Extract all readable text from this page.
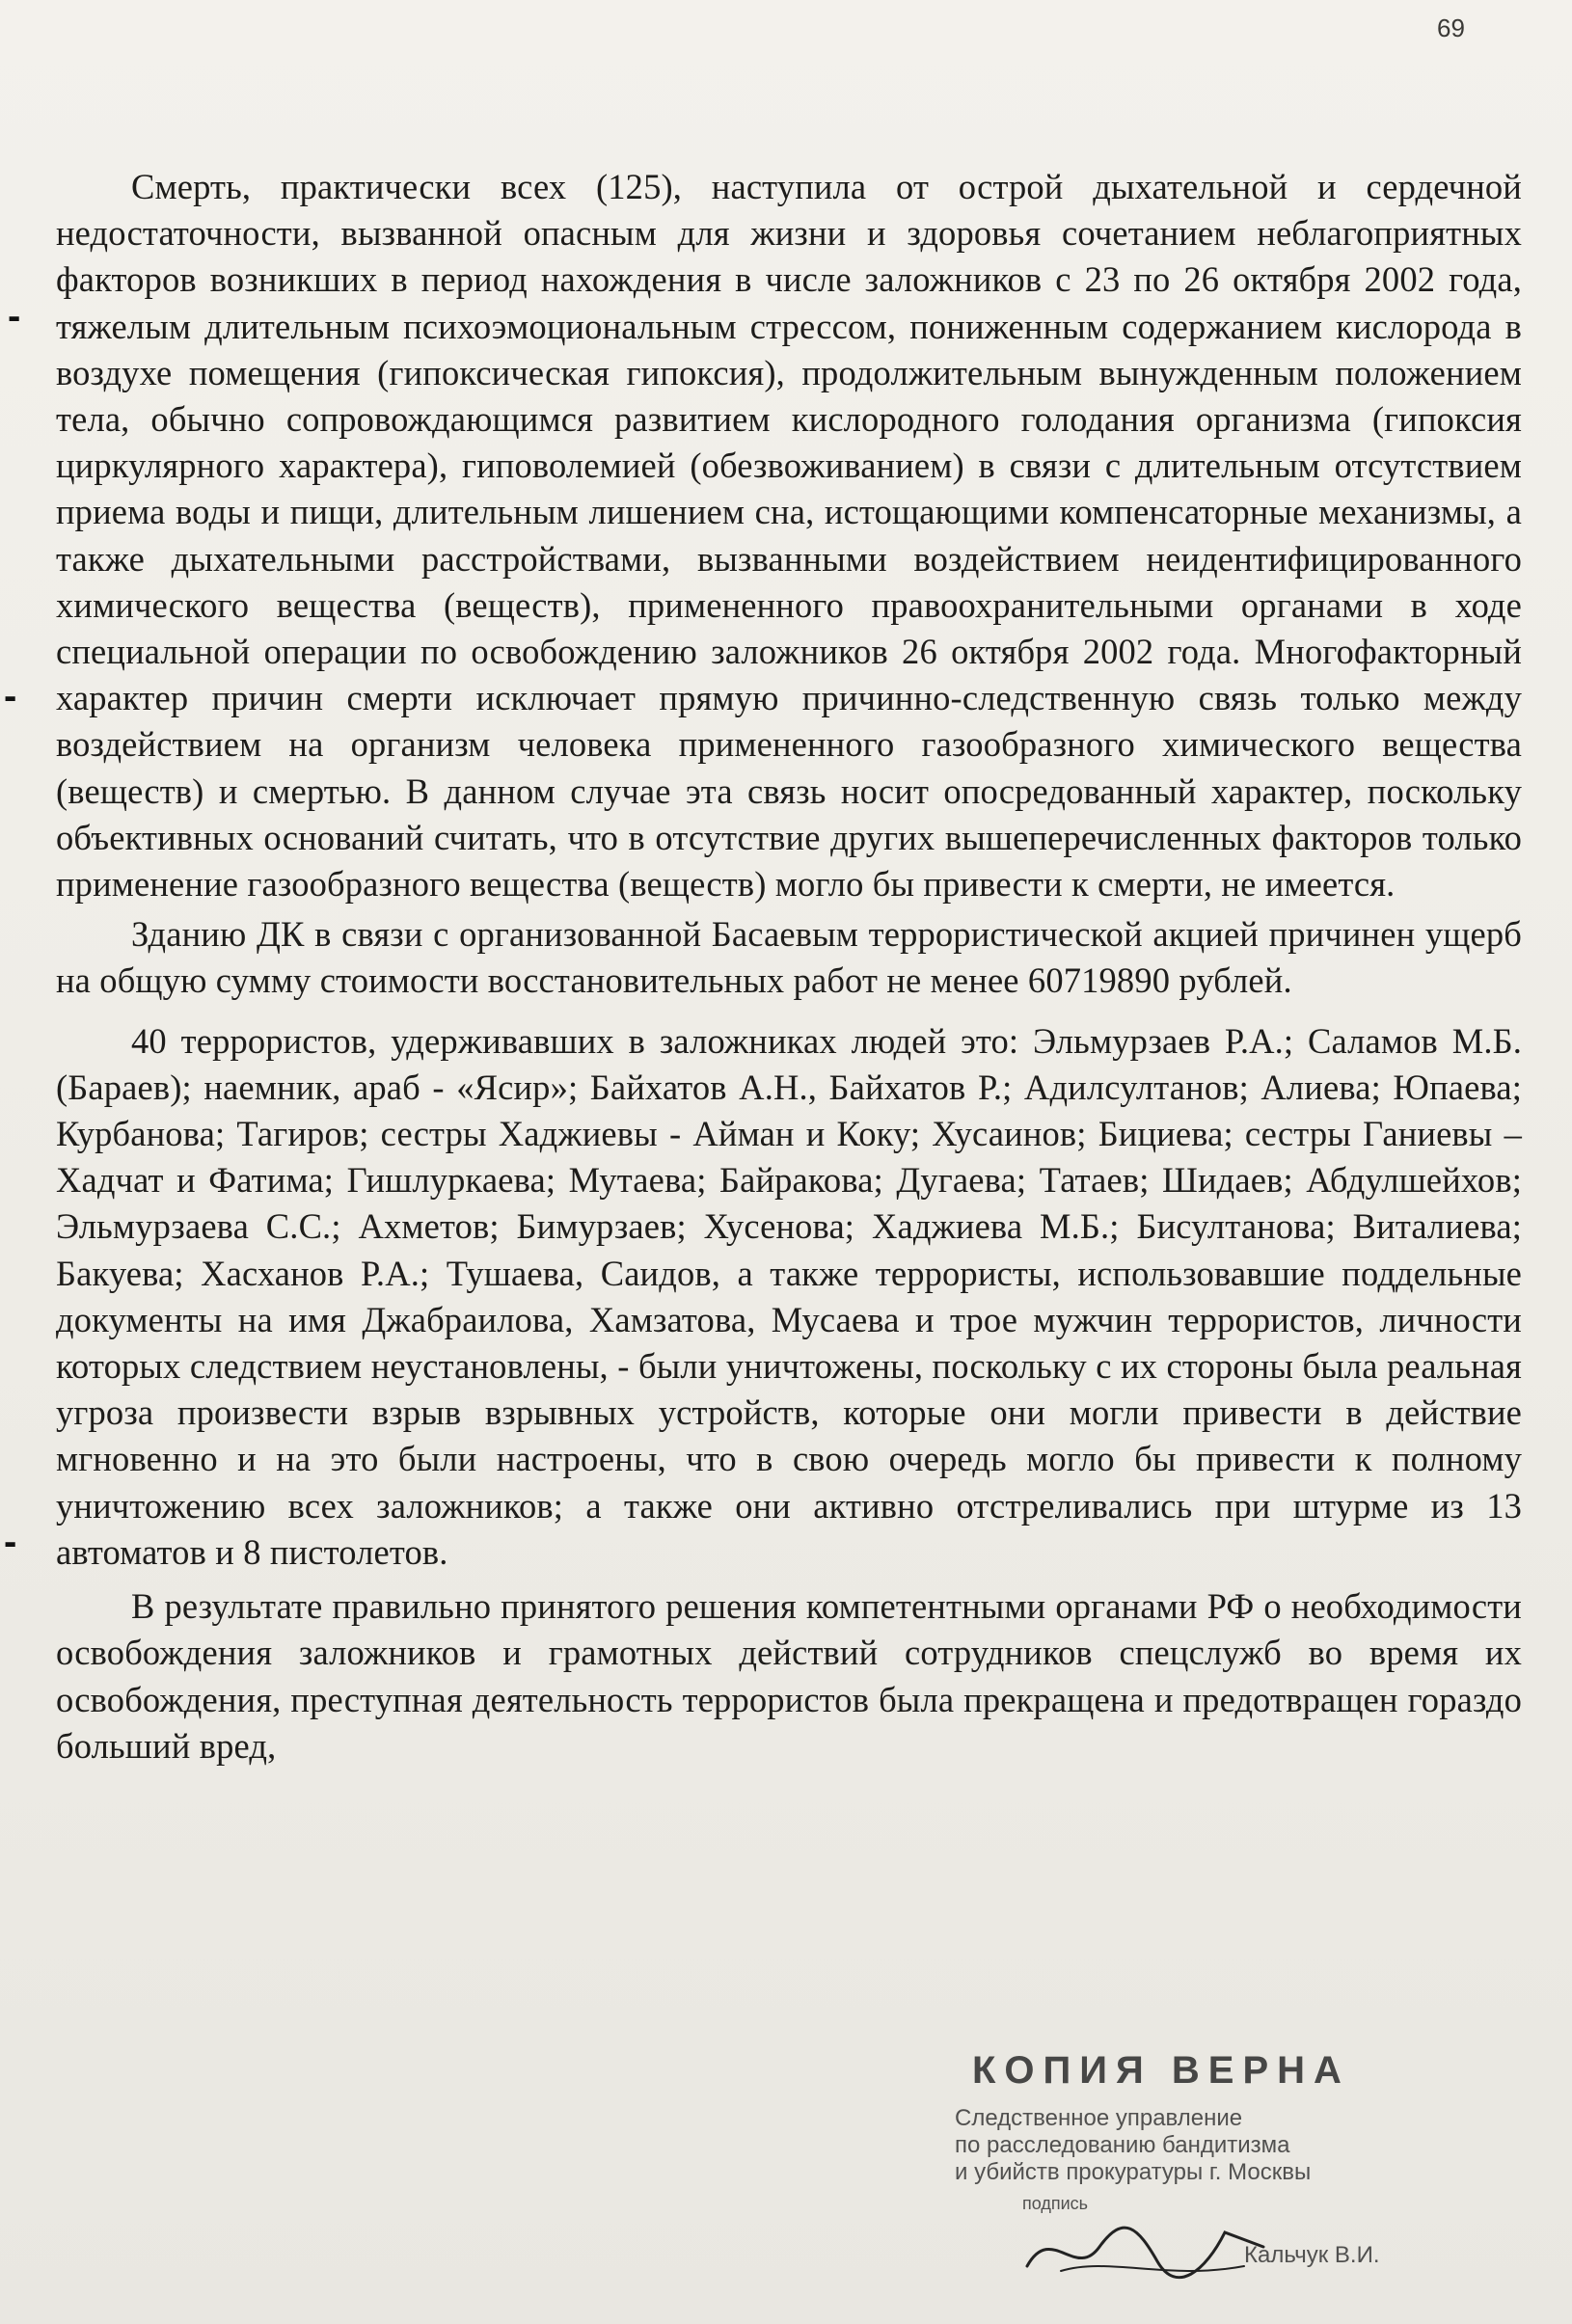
69
-
-
-

Смерть, практически всех (125), наступила от острой дыхательной и сердечной недостаточности, вызванной опасным для жизни и здоровья сочетанием неблагоприятных факторов возникших в период нахождения в числе заложников с 23 по 26 октября 2002 года, тяжелым длительным психоэмоциональным стрессом, пониженным содержанием кислорода в воздухе помещения (гипоксическая гипоксия), продолжительным вынужденным положением тела, обычно сопровождающимся развитием кислородного голодания организма (гипоксия циркулярного характера), гиповолемией (обезвоживанием) в связи с длительным отсутствием приема воды и пищи, длительным лишением сна, истощающими компенсаторные механизмы, а также дыхательными расстройствами, вызванными воздействием неидентифицированного химического вещества (веществ), примененного правоохранительными органами в ходе специальной операции по освобождению заложников 26 октября 2002 года. Многофакторный характер причин смерти исключает прямую причинно-следственную связь только между воздействием на организм человека примененного газообразного химического вещества (веществ) и смертью. В данном случае эта связь носит опосредованный характер, поскольку объективных оснований считать, что в отсутствие других вышеперечисленных факторов только применение газообразного вещества (веществ) могло бы привести к смерти, не имеется.

Зданию ДК в связи с организованной Басаевым террористической акцией причинен ущерб на общую сумму стоимости восстановительных работ не менее 60719890 рублей.

40 террористов, удерживавших в заложниках людей это: Эльмурзаев Р.А.; Саламов М.Б. (Бараев); наемник, араб - «Ясир»; Байхатов А.Н., Байхатов Р.; Адилсултанов; Алиева; Юпаева; Курбанова; Тагиров; сестры Хаджиевы - Айман и Коку; Хусаинов; Бициева; сестры Ганиевы – Хадчат и Фатима; Гишлуркаева; Мутаева; Байракова; Дугаева; Татаев; Шидаев; Абдулшейхов; Эльмурзаева С.С.; Ахметов; Бимурзаев; Хусенова; Хаджиева М.Б.; Бисултанова; Виталиева; Бакуева; Хасханов Р.А.; Тушаева, Саидов, а также террористы, использовавшие поддельные документы на имя Джабраилова, Хамзатова, Мусаева и трое мужчин террористов, личности которых следствием неустановлены, - были уничтожены, поскольку с их стороны была реальная угроза произвести взрыв взрывных устройств, которые они могли привести в действие мгновенно и на это были настроены, что в свою очередь могло бы привести к полному уничтожению всех заложников; а также они активно отстреливались при штурме из 13 автоматов и 8 пистолетов.

В результате правильно принятого решения компетентными органами РФ о необходимости освобождения заложников и грамотных действий сотрудников спецслужб во время их освобождения, преступная деятельность террористов была прекращена и предотвращен гораздо больший вред,

КОПИЯ ВЕРНА
Следственное управление
по расследованию бандитизма
и убийств прокуратуры г. Москвы
подпись
Кальчук В.И.
